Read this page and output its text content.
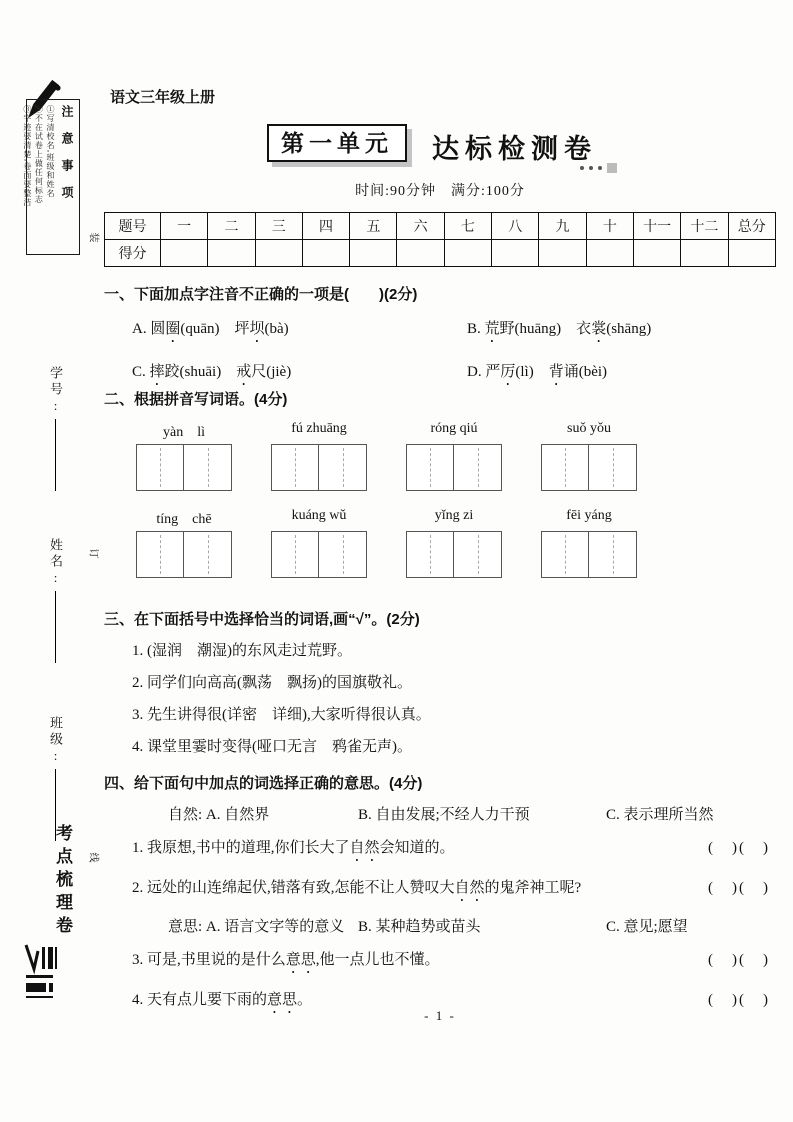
注意事项
①写清校名,班级和姓名
②不在试卷上做任何标志
③字迹要清楚,卷面要整洁
学号:
姓名:
班级:
考点梳理卷
装
订
线
语文三年级上册
第一单元	达标检测卷
时间:90分钟　满分:100分
题号	一	二	三	四	五	六	七	八	九	十	十一	十二	总分
得分													
一、下面加点字注音不正确的一项是(　　)(2分)
A. 圆圈(quān)　坪坝(bà)	B. 荒野(huāng)　衣裳(shāng)
C. 摔跤(shuāi)　戒尺(jiè)	D. 严厉(lì)　背诵(bèi)
二、根据拼音写词语。(4分)
yàn　lì	fú zhuāng	róng qiú	suǒ yǒu
tíng　chē	kuáng wǔ	yǐng zi	fēi yáng
三、在下面括号中选择恰当的词语,画“√”。(2分)
1. (湿润　潮湿)的东风走过荒野。
2. 同学们向高高(飘荡　飘扬)的国旗敬礼。
3. 先生讲得很(详密　详细),大家听得很认真。
4. 课堂里霎时变得(哑口无言　鸦雀无声)。
四、给下面句中加点的词选择正确的意思。(4分)
自然: A. 自然界	B. 自由发展;不经人力干预	C. 表示理所当然
1. 我原想,书中的道理,你们长大了自然会知道的。	(　)(　)
2. 远处的山连绵起伏,错落有致,怎能不让人赞叹大自然的鬼斧神工呢?	(　)(　)
意思: A. 语言文字等的意义 B. 某种趋势或苗头	C. 意见;愿望
3. 可是,书里说的是什么意思,他一点儿也不懂。	(　)(　)
4. 天有点儿要下雨的意思。	(　)(　)
- 1 -
